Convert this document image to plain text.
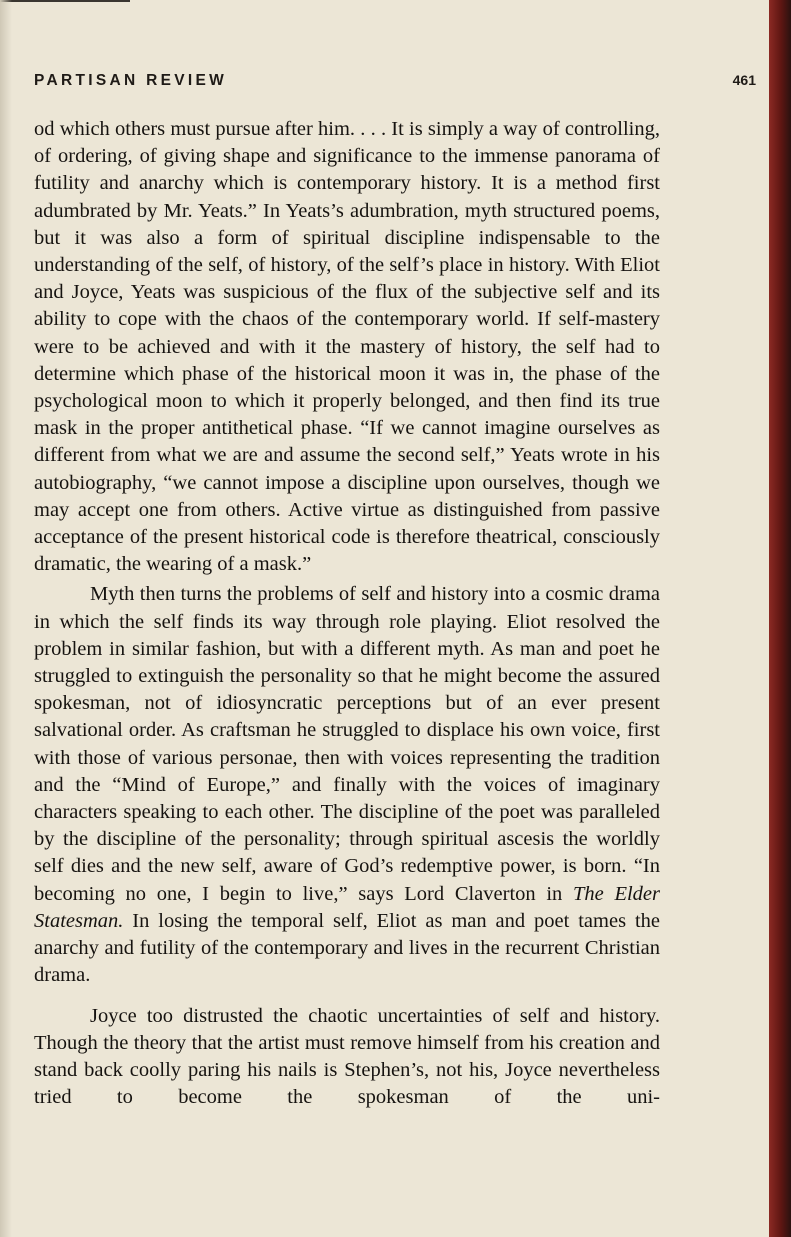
PARTISAN REVIEW	461

od which others must pursue after him. . . . It is simply a way of controlling, of ordering, of giving shape and significance to the immense panorama of futility and anarchy which is contemporary history. It is a method first adumbrated by Mr. Yeats.” In Yeats’s adumbration, myth structured poems, but it was also a form of spiritual discipline indispensable to the understanding of the self, of history, of the self’s place in history. With Eliot and Joyce, Yeats was suspicious of the flux of the subjective self and its ability to cope with the chaos of the contemporary world. If self-mastery were to be achieved and with it the mastery of history, the self had to determine which phase of the historical moon it was in, the phase of the psychological moon to which it properly belonged, and then find its true mask in the proper antithetical phase. “If we cannot imagine ourselves as different from what we are and assume the second self,” Yeats wrote in his autobiography, “we cannot impose a discipline upon ourselves, though we may accept one from others. Active virtue as distinguished from passive acceptance of the present historical code is therefore theatrical, consciously dramatic, the wearing of a mask.”

Myth then turns the problems of self and history into a cosmic drama in which the self finds its way through role playing. Eliot resolved the problem in similar fashion, but with a different myth. As man and poet he struggled to extinguish the personality so that he might become the assured spokesman, not of idiosyncratic perceptions but of an ever present salvational order. As craftsman he struggled to displace his own voice, first with those of various personae, then with voices representing the tradition and the “Mind of Europe,” and finally with the voices of imaginary characters speaking to each other. The discipline of the poet was paralleled by the discipline of the personality; through spiritual ascesis the worldly self dies and the new self, aware of God’s redemptive power, is born. “In becoming no one, I begin to live,” says Lord Claverton in The Elder Statesman. In losing the temporal self, Eliot as man and poet tames the anarchy and futility of the contemporary and lives in the recurrent Christian drama.

Joyce too distrusted the chaotic uncertainties of self and history. Though the theory that the artist must remove himself from his creation and stand back coolly paring his nails is Stephen’s, not his, Joyce nevertheless tried to become the spokesman of the uni-
